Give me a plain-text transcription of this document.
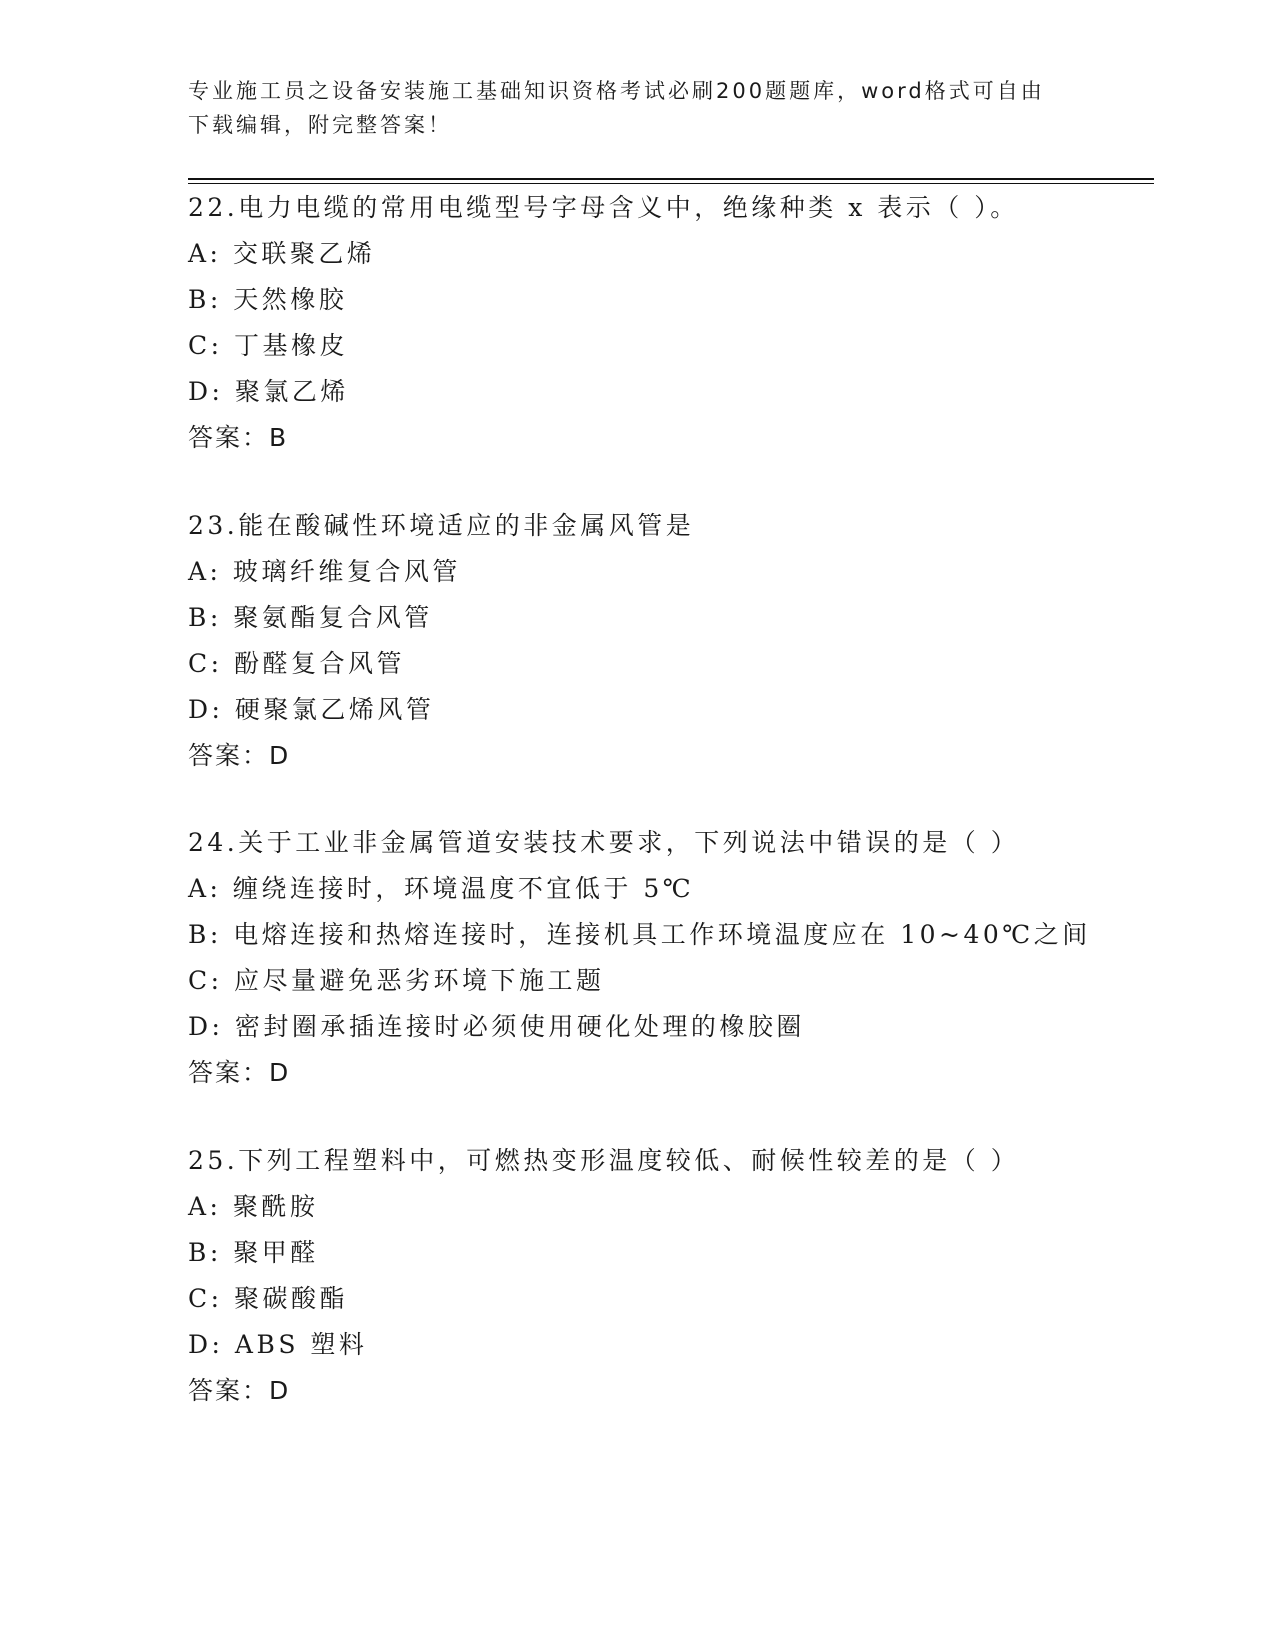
专业施工员之设备安装施工基础知识资格考试必刷200题题库，word格式可自由
下载编辑，附完整答案！
22.电力电缆的常用电缆型号字母含义中，绝缘种类 x 表示（ ）。
A: 交联聚乙烯
B: 天然橡胶
C: 丁基橡皮
D: 聚氯乙烯
答案：B
23.能在酸碱性环境适应的非金属风管是
A: 玻璃纤维复合风管
B: 聚氨酯复合风管
C: 酚醛复合风管
D: 硬聚氯乙烯风管
答案：D
24.关于工业非金属管道安装技术要求，下列说法中错误的是（ ）
A: 缠绕连接时，环境温度不宜低于 5℃
B: 电熔连接和热熔连接时，连接机具工作环境温度应在 10~40℃之间
C: 应尽量避免恶劣环境下施工题
D: 密封圈承插连接时必须使用硬化处理的橡胶圈
答案：D
25.下列工程塑料中，可燃热变形温度较低、耐候性较差的是（ ）
A: 聚酰胺
B: 聚甲醛
C: 聚碳酸酯
D: ABS 塑料
答案：D
